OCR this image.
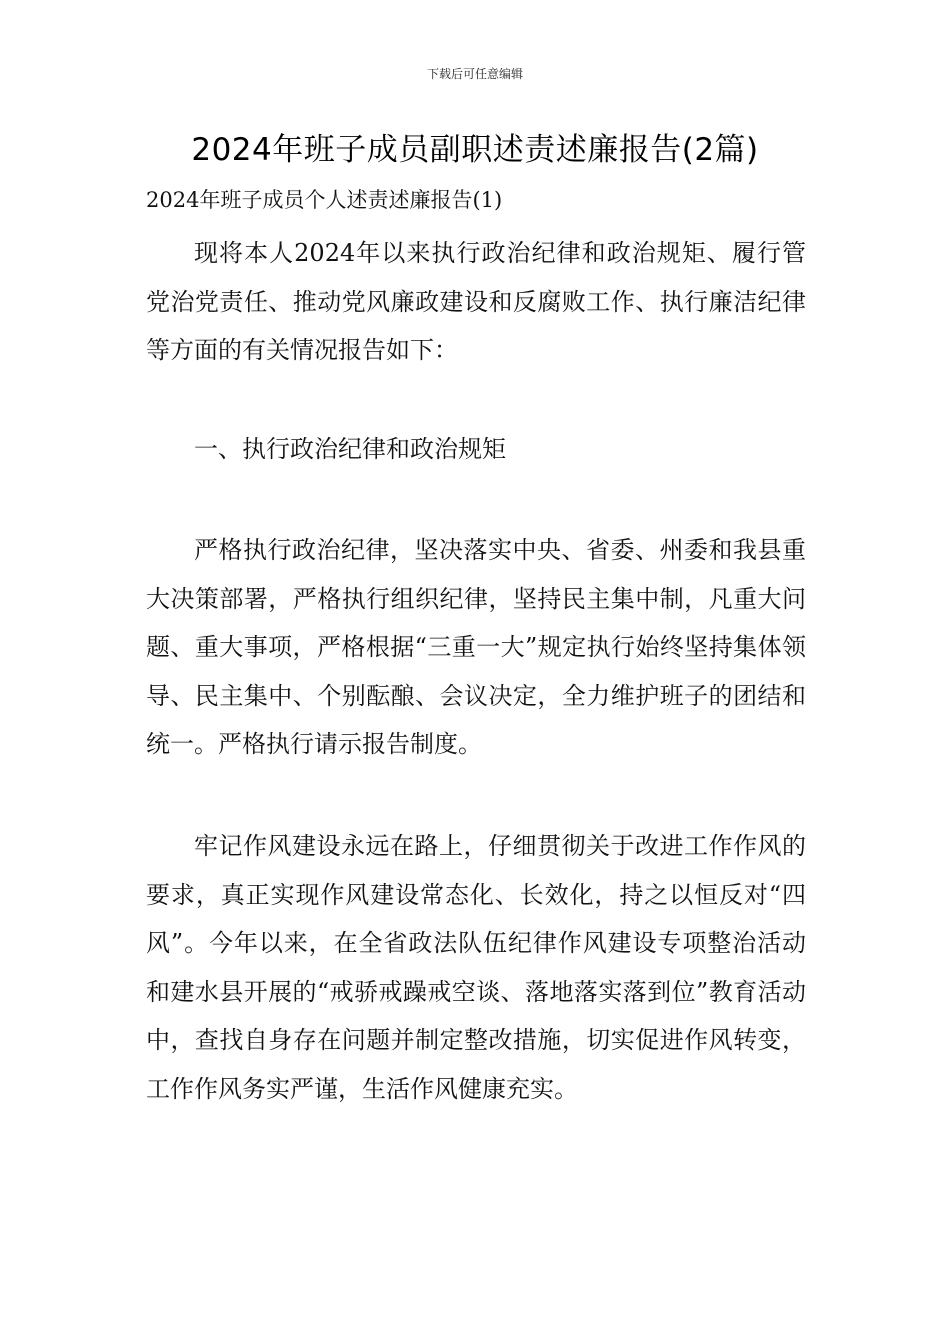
下载后可任意编辑
2024年班子成员副职述责述廉报告(2篇)
2024年班子成员个人述责述廉报告(1)

现将本人2024年以来执行政治纪律和政治规矩、履行管党治党责任、推动党风廉政建设和反腐败工作、执行廉洁纪律等方面的有关情况报告如下：

一、执行政治纪律和政治规矩

严格执行政治纪律，坚决落实中央、省委、州委和我县重大决策部署，严格执行组织纪律，坚持民主集中制，凡重大问题、重大事项，严格根据“三重一大”规定执行始终坚持集体领导、民主集中、个别酝酿、会议决定，全力维护班子的团结和统一。严格执行请示报告制度。

牢记作风建设永远在路上，仔细贯彻关于改进工作作风的要求，真正实现作风建设常态化、长效化，持之以恒反对“四风”。今年以来，在全省政法队伍纪律作风建设专项整治活动和建水县开展的“戒骄戒躁戒空谈、落地落实落到位”教育活动中，查找自身存在问题并制定整改措施，切实促进作风转变，工作作风务实严谨，生活作风健康充实。
